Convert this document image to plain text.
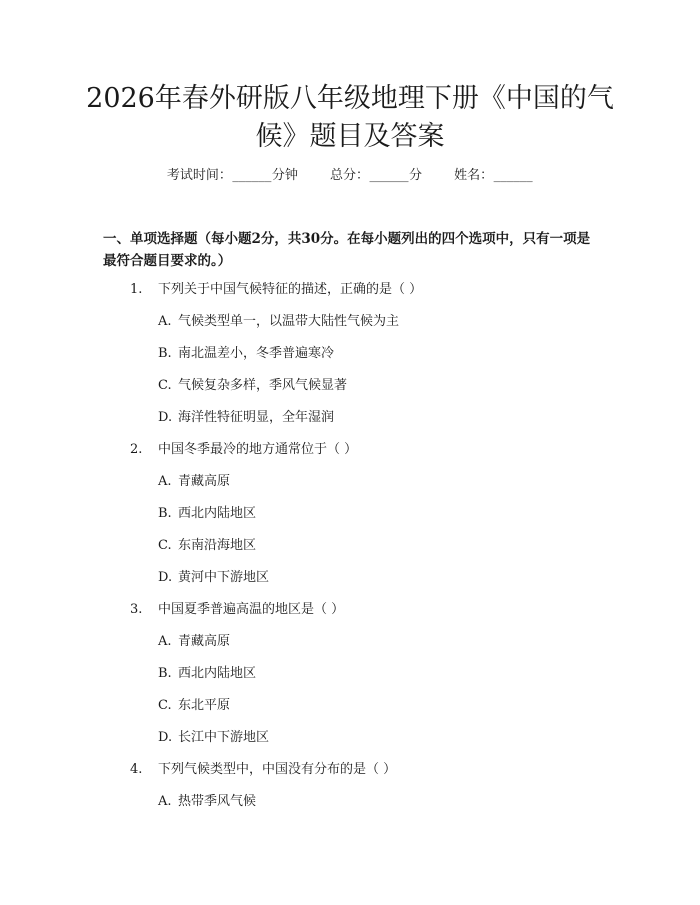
2026年春外研版八年级地理下册《中国的气候》题目及答案
考试时间：______分钟 总分：______分 姓名：______

一、单项选择题（每小题2分，共30分。在每小题列出的四个选项中，只有一项是最符合题目要求的。）

1. 下列关于中国气候特征的描述，正确的是（ ）
A. 气候类型单一，以温带大陆性气候为主
B. 南北温差小，冬季普遍寒冷
C. 气候复杂多样，季风气候显著
D. 海洋性特征明显，全年湿润
2. 中国冬季最冷的地方通常位于（ ）
A. 青藏高原
B. 西北内陆地区
C. 东南沿海地区
D. 黄河中下游地区
3. 中国夏季普遍高温的地区是（ ）
A. 青藏高原
B. 西北内陆地区
C. 东北平原
D. 长江中下游地区
4. 下列气候类型中，中国没有分布的是（ ）
A. 热带季风气候
